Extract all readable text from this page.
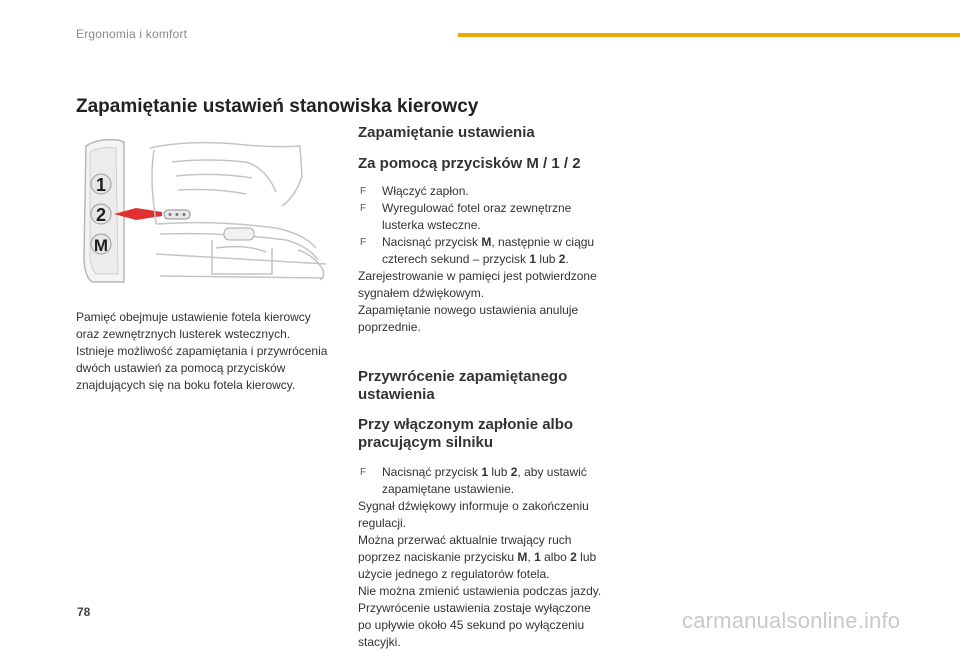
Ergonomia i komfort
Zapamiętanie ustawień stanowiska kierowcy
1
2
M

Pamięć obejmuje ustawienie fotela kierowcy

oraz zewnętrznych lusterek wstecznych.

Istnieje możliwość zapamiętania i przywrócenia

dwóch ustawień za pomocą przycisków

znajdujących się na boku fotela kierowcy.

Zapamiętanie ustawienia
Za pomocą przycisków M / 1 / 2
F Włączyć zapłon.
F Wyregulować fotel oraz zewnętrzne
lusterka wsteczne.
F Nacisnąć przycisk M, następnie w ciągu
czterech sekund – przycisk 1 lub 2.

Zarejestrowanie w pamięci jest potwierdzone

sygnałem dźwiękowym.

Zapamiętanie nowego ustawienia anuluje

poprzednie.

Przywrócenie zapamiętanego
ustawienia
Przy włączonym zapłonie albo
pracującym silniku
F Nacisnąć przycisk 1 lub 2, aby ustawić
zapamiętane ustawienie.

Sygnał dźwiękowy informuje o zakończeniu

regulacji.

Można przerwać aktualnie trwający ruch

poprzez naciskanie przycisku M, 1 albo 2 lub

użycie jednego z regulatorów fotela.

Nie można zmienić ustawienia podczas jazdy.

Przywrócenie ustawienia zostaje wyłączone

po upływie około 45 sekund po wyłączeniu

stacyjki.

78	carmanualsonline.info
